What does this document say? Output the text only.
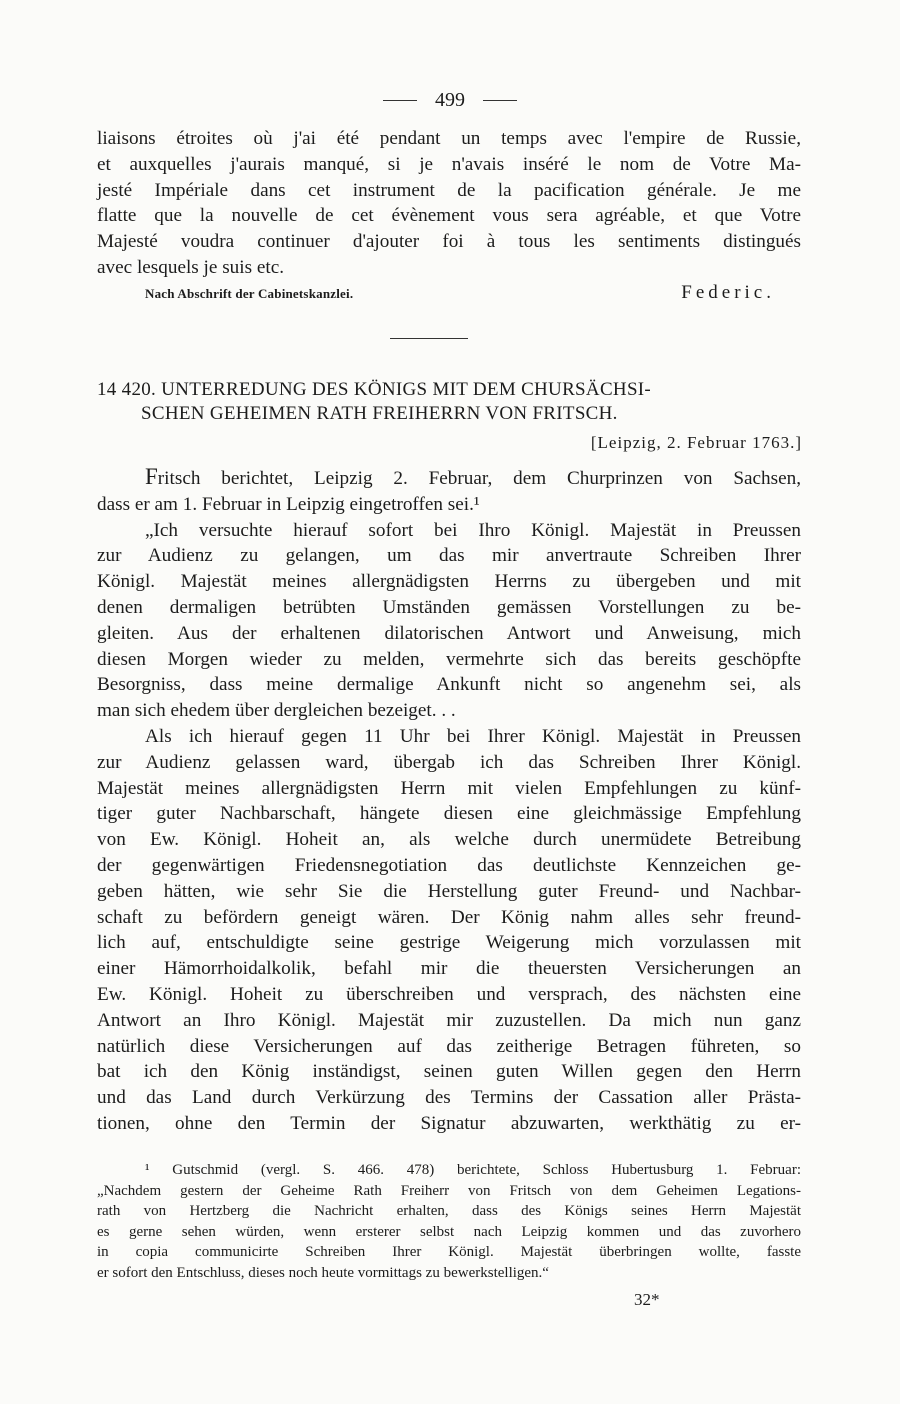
499
liaisons étroites où j'ai été pendant un temps avec l'empire de Russie,
et auxquelles j'aurais manqué, si je n'avais inséré le nom de Votre Ma-
jesté Impériale dans cet instrument de la pacification générale. Je me
flatte que la nouvelle de cet évènement vous sera agréable, et que Votre
Majesté voudra continuer d'ajouter foi à tous les sentiments distingués
avec lesquels je suis etc.
Nach Abschrift der Cabinetskanzlei.	Federic.
14 420. UNTERREDUNG DES KÖNIGS MIT DEM CHURSÄCHSI-
SCHEN GEHEIMEN RATH FREIHERRN VON FRITSCH.
[Leipzig, 2. Februar 1763.]
Fritsch berichtet, Leipzig 2. Februar, dem Churprinzen von Sachsen,
dass er am 1. Februar in Leipzig eingetroffen sei.¹
„Ich versuchte hierauf sofort bei Ihro Königl. Majestät in Preussen
zur Audienz zu gelangen, um das mir anvertraute Schreiben Ihrer
Königl. Majestät meines allergnädigsten Herrns zu übergeben und mit
denen dermaligen betrübten Umständen gemässen Vorstellungen zu be-
gleiten. Aus der erhaltenen dilatorischen Antwort und Anweisung, mich
diesen Morgen wieder zu melden, vermehrte sich das bereits geschöpfte
Besorgniss, dass meine dermalige Ankunft nicht so angenehm sei, als
man sich ehedem über dergleichen bezeiget. . .
Als ich hierauf gegen 11 Uhr bei Ihrer Königl. Majestät in Preussen
zur Audienz gelassen ward, übergab ich das Schreiben Ihrer Königl.
Majestät meines allergnädigsten Herrn mit vielen Empfehlungen zu künf-
tiger guter Nachbarschaft, hängete diesen eine gleichmässige Empfehlung
von Ew. Königl. Hoheit an, als welche durch unermüdete Betreibung
der gegenwärtigen Friedensnegotiation das deutlichste Kennzeichen ge-
geben hätten, wie sehr Sie die Herstellung guter Freund- und Nachbar-
schaft zu befördern geneigt wären. Der König nahm alles sehr freund-
lich auf, entschuldigte seine gestrige Weigerung mich vorzulassen mit
einer Hämorrhoidalkolik, befahl mir die theuersten Versicherungen an
Ew. Königl. Hoheit zu überschreiben und versprach, des nächsten eine
Antwort an Ihro Königl. Majestät mir zuzustellen. Da mich nun ganz
natürlich diese Versicherungen auf das zeitherige Betragen führeten, so
bat ich den König inständigst, seinen guten Willen gegen den Herrn
und das Land durch Verkürzung des Termins der Cassation aller Prästa-
tionen, ohne den Termin der Signatur abzuwarten, werkthätig zu er-
¹ Gutschmid (vergl. S. 466. 478) berichtete, Schloss Hubertusburg 1. Februar:
„Nachdem gestern der Geheime Rath Freiherr von Fritsch von dem Geheimen Legations-
rath von Hertzberg die Nachricht erhalten, dass des Königs seines Herrn Majestät
es gerne sehen würden, wenn ersterer selbst nach Leipzig kommen und das zuvorhero
in copia communicirte Schreiben Ihrer Königl. Majestät überbringen wollte, fasste
er sofort den Entschluss, dieses noch heute vormittags zu bewerkstelligen.“
32*
